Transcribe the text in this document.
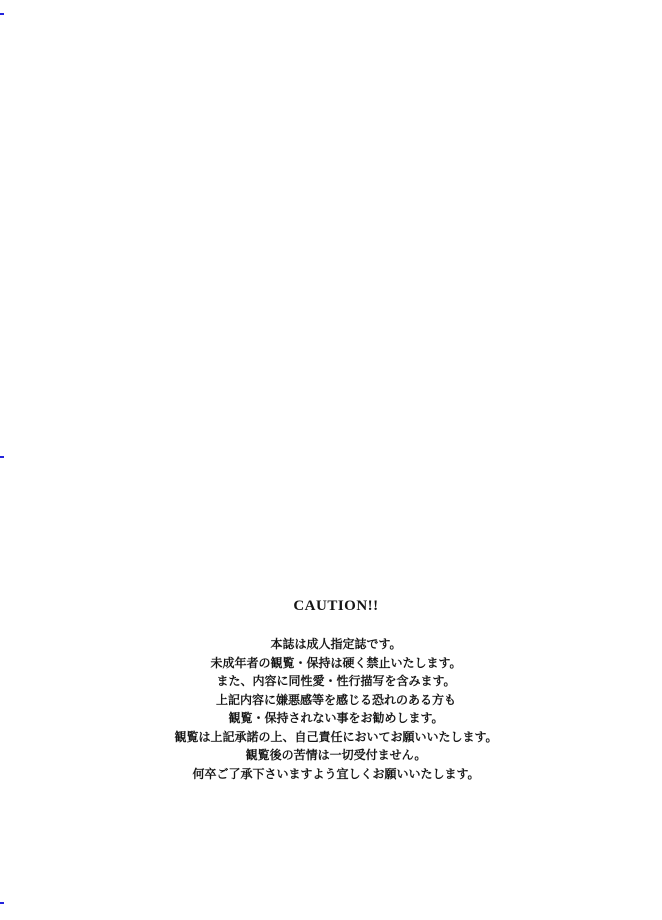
CAUTION!!
本誌は成人指定誌です。
未成年者の観覧・保持は硬く禁止いたします。
また、内容に同性愛・性行描写を含みます。
上記内容に嫌悪感等を感じる恐れのある方も
観覧・保持されない事をお勧めします。
観覧は上記承諾の上、自己責任においてお願いいたします。
観覧後の苦情は一切受付ません。
何卒ご了承下さいますよう宜しくお願いいたします。
